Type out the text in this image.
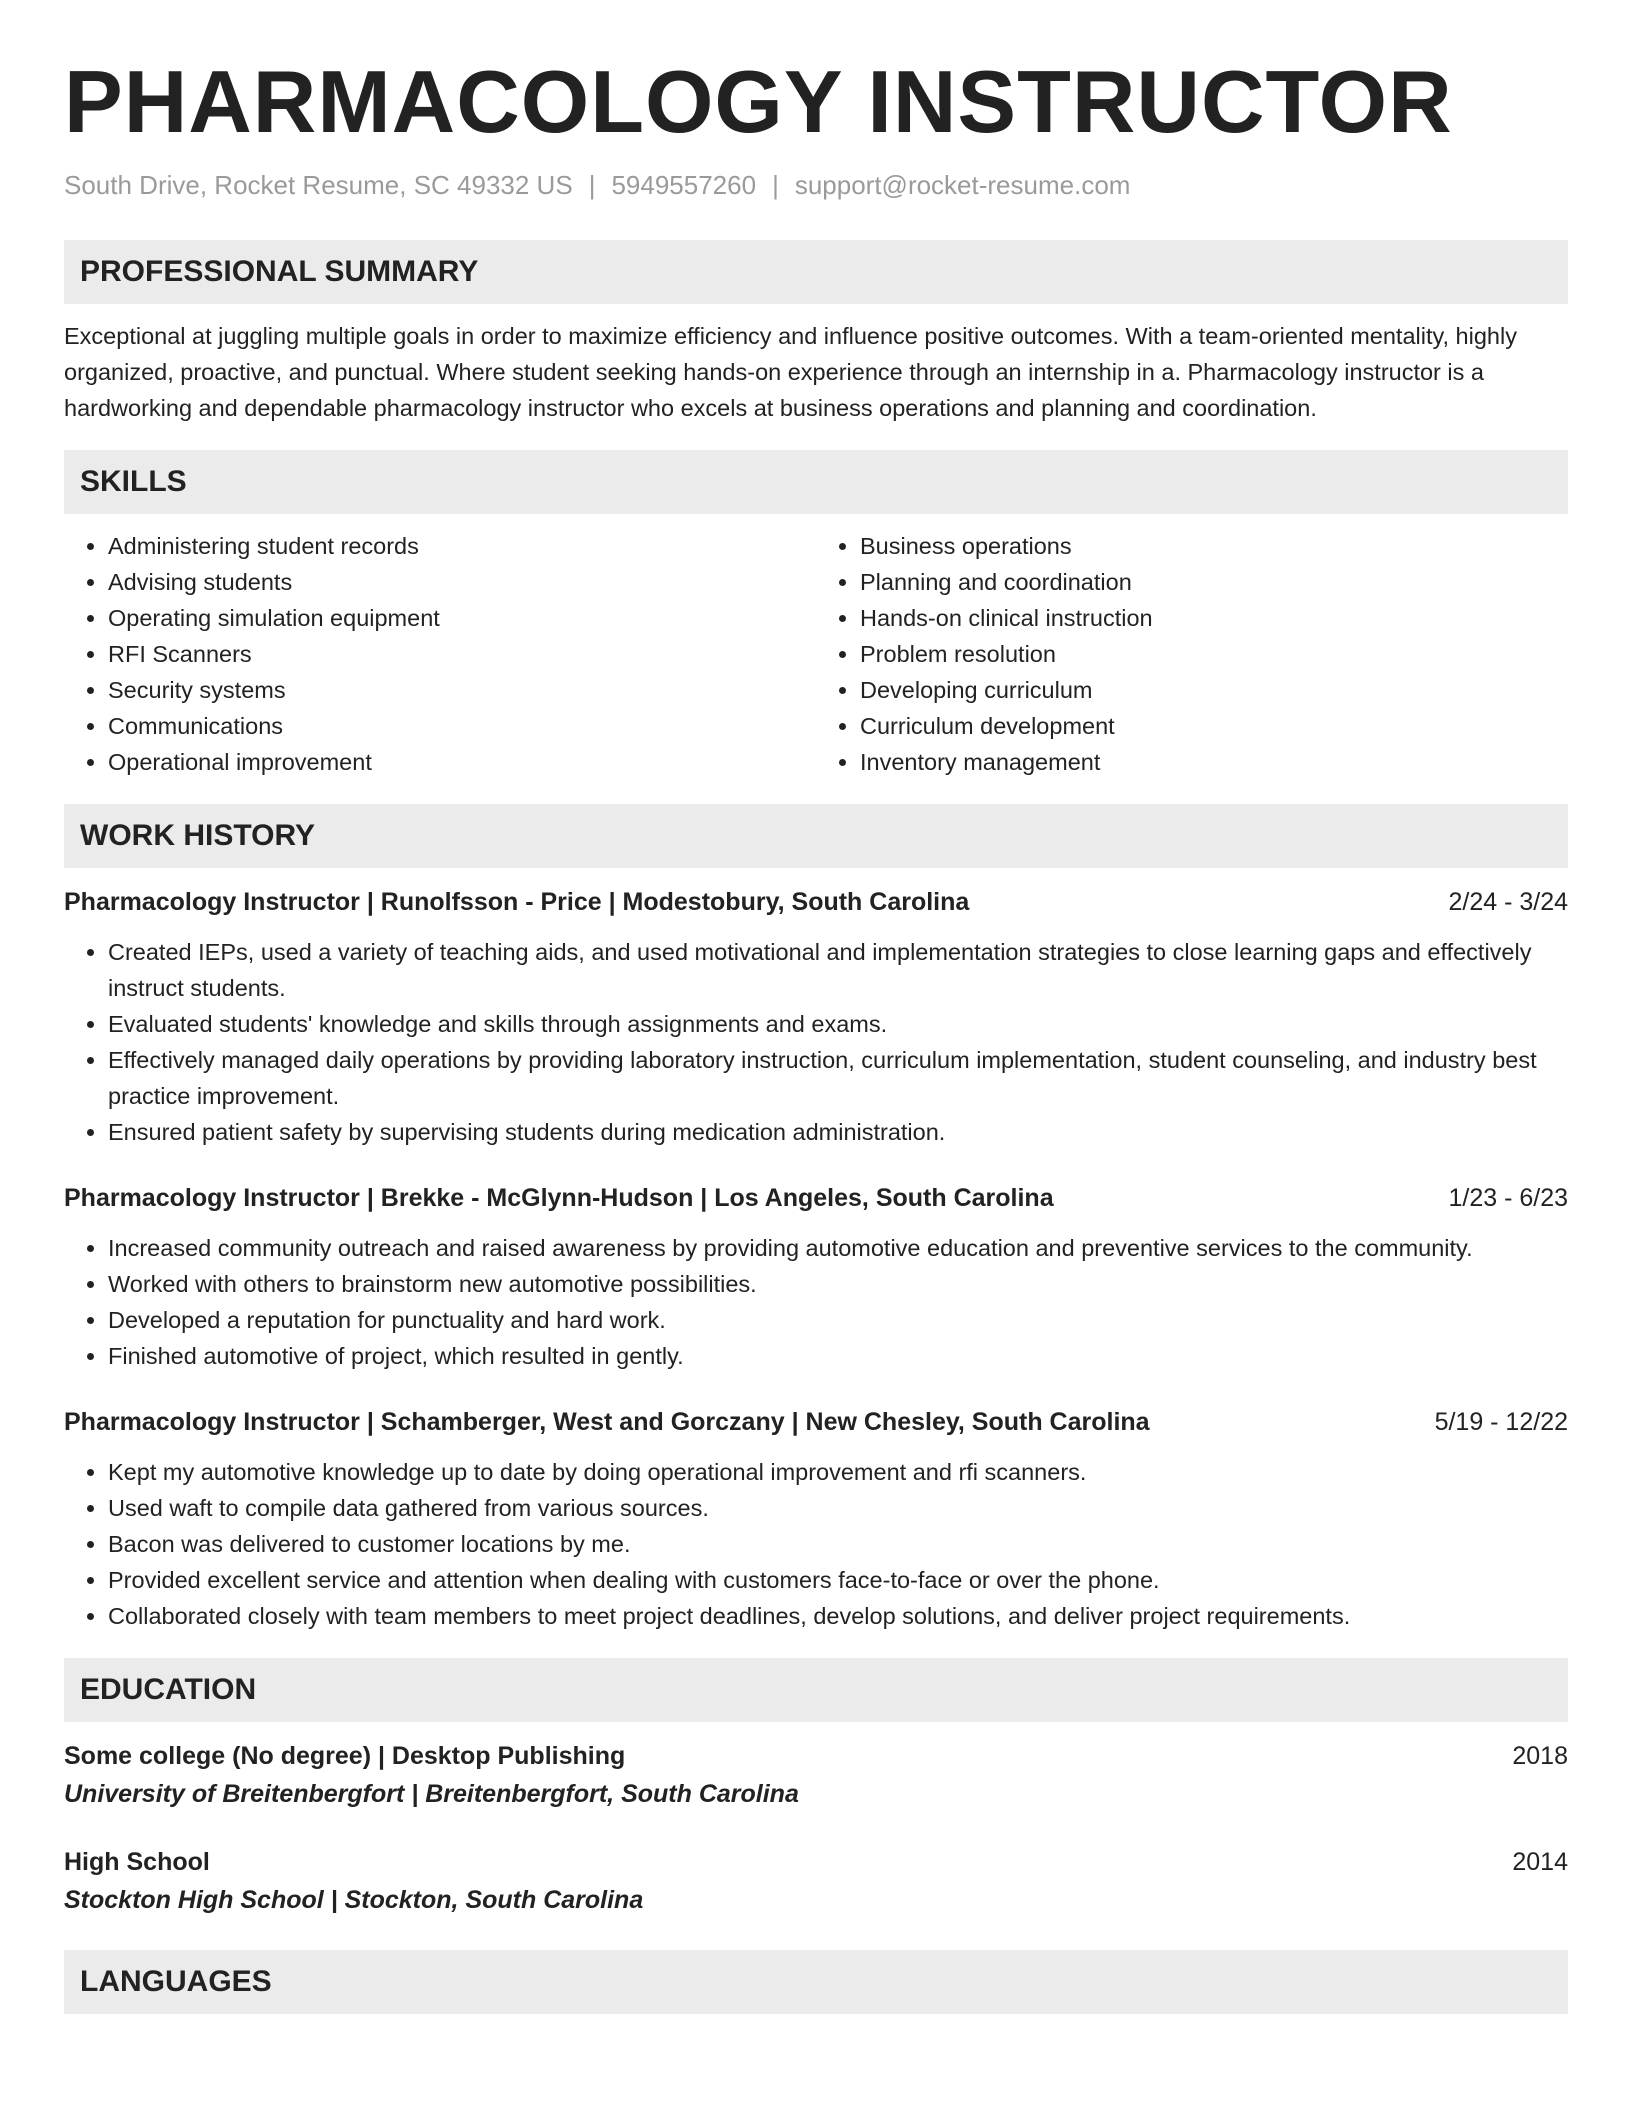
PHARMACOLOGY INSTRUCTOR
South Drive, Rocket Resume, SC 49332 US | 5949557260 | support@rocket-resume.com
PROFESSIONAL SUMMARY

Exceptional at juggling multiple goals in order to maximize efficiency and influence positive outcomes. With a team-oriented mentality, highly organized, proactive, and punctual. Where student seeking hands-on experience through an internship in a. Pharmacology instructor is a hardworking and dependable pharmacology instructor who excels at business operations and planning and coordination.

SKILLS
• Administering student records
• Advising students
• Operating simulation equipment
• RFI Scanners
• Security systems
• Communications
• Operational improvement
• Business operations
• Planning and coordination
• Hands-on clinical instruction
• Problem resolution
• Developing curriculum
• Curriculum development
• Inventory management
WORK HISTORY
Pharmacology Instructor | Runolfsson - Price | Modestobury, South Carolina	2/24 - 3/24
• Created IEPs, used a variety of teaching aids, and used motivational and implementation strategies to close learning gaps and effectively instruct students.
• Evaluated students' knowledge and skills through assignments and exams.
• Effectively managed daily operations by providing laboratory instruction, curriculum implementation, student counseling, and industry best practice improvement.
• Ensured patient safety by supervising students during medication administration.
Pharmacology Instructor | Brekke - McGlynn-Hudson | Los Angeles, South Carolina	1/23 - 6/23
• Increased community outreach and raised awareness by providing automotive education and preventive services to the community.
• Worked with others to brainstorm new automotive possibilities.
• Developed a reputation for punctuality and hard work.
• Finished automotive of project, which resulted in gently.
Pharmacology Instructor | Schamberger, West and Gorczany | New Chesley, South Carolina	5/19 - 12/22
• Kept my automotive knowledge up to date by doing operational improvement and rfi scanners.
• Used waft to compile data gathered from various sources.
• Bacon was delivered to customer locations by me.
• Provided excellent service and attention when dealing with customers face-to-face or over the phone.
• Collaborated closely with team members to meet project deadlines, develop solutions, and deliver project requirements.
EDUCATION
Some college (No degree) | Desktop Publishing	2018
University of Breitenbergfort | Breitenbergfort, South Carolina
High School	2014
Stockton High School | Stockton, South Carolina
LANGUAGES
